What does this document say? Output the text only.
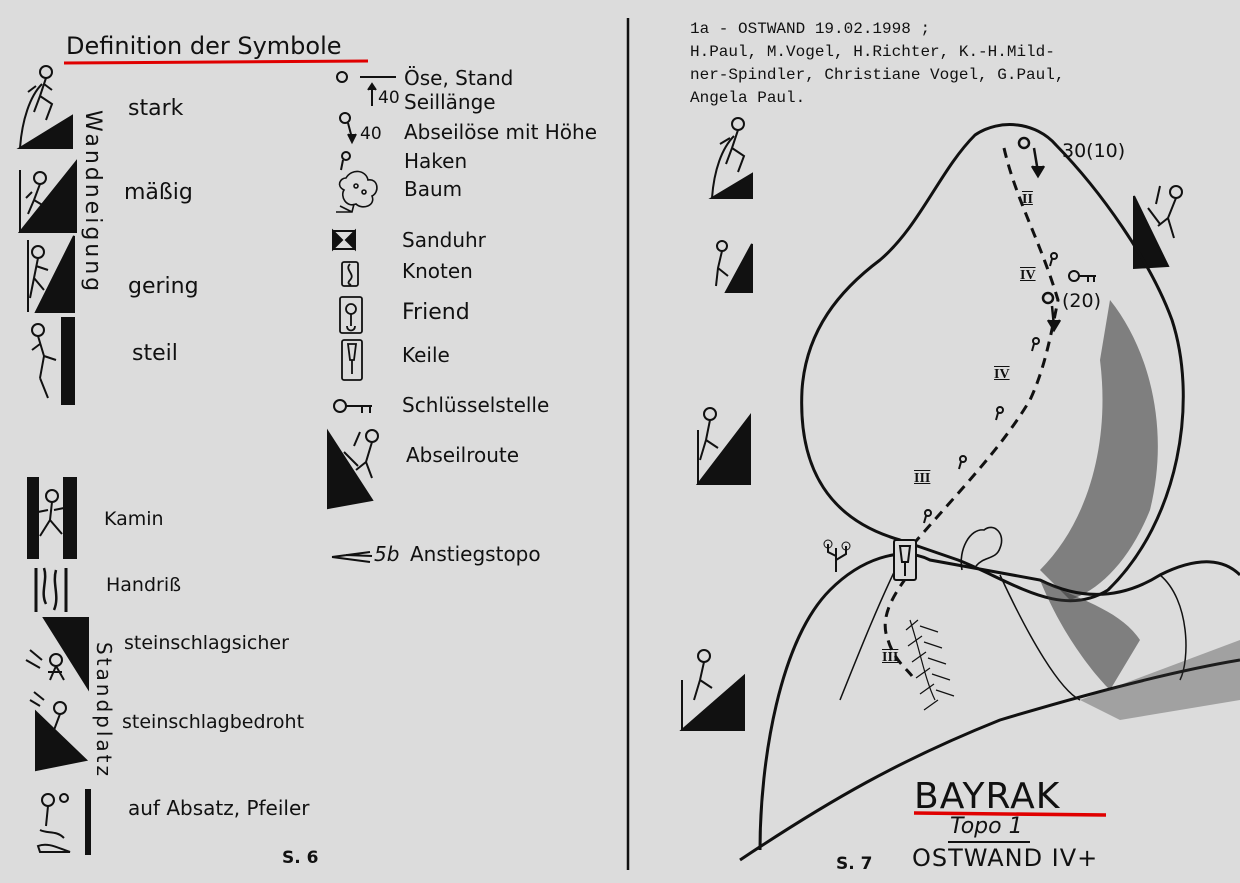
Definition der Symbole
Wandneigung
stark
mäßig
gering
steil
Kamin
Handriß
Standplatz steinschlagsicher
steinschlagbedroht
auf Absatz, Pfeiler
S. 6
Öse, Stand
Seillänge
40
40 Abseilöse mit Höhe
Haken
Baum
Sanduhr
Knoten
Friend
Keile
Schlüsselstelle
Abseilroute
5b Anstiegstopo
1a - OSTWAND 19.02.1998 ;
H.Paul, M.Vogel, H.Richter, K.-H.Mild-
ner-Spindler, Christiane Vogel, G.Paul,
Angela Paul.
30(10)
(20)
II
IV
IV
III
III
BAYRAK
Topo 1
OSTWAND IV+
S. 7
